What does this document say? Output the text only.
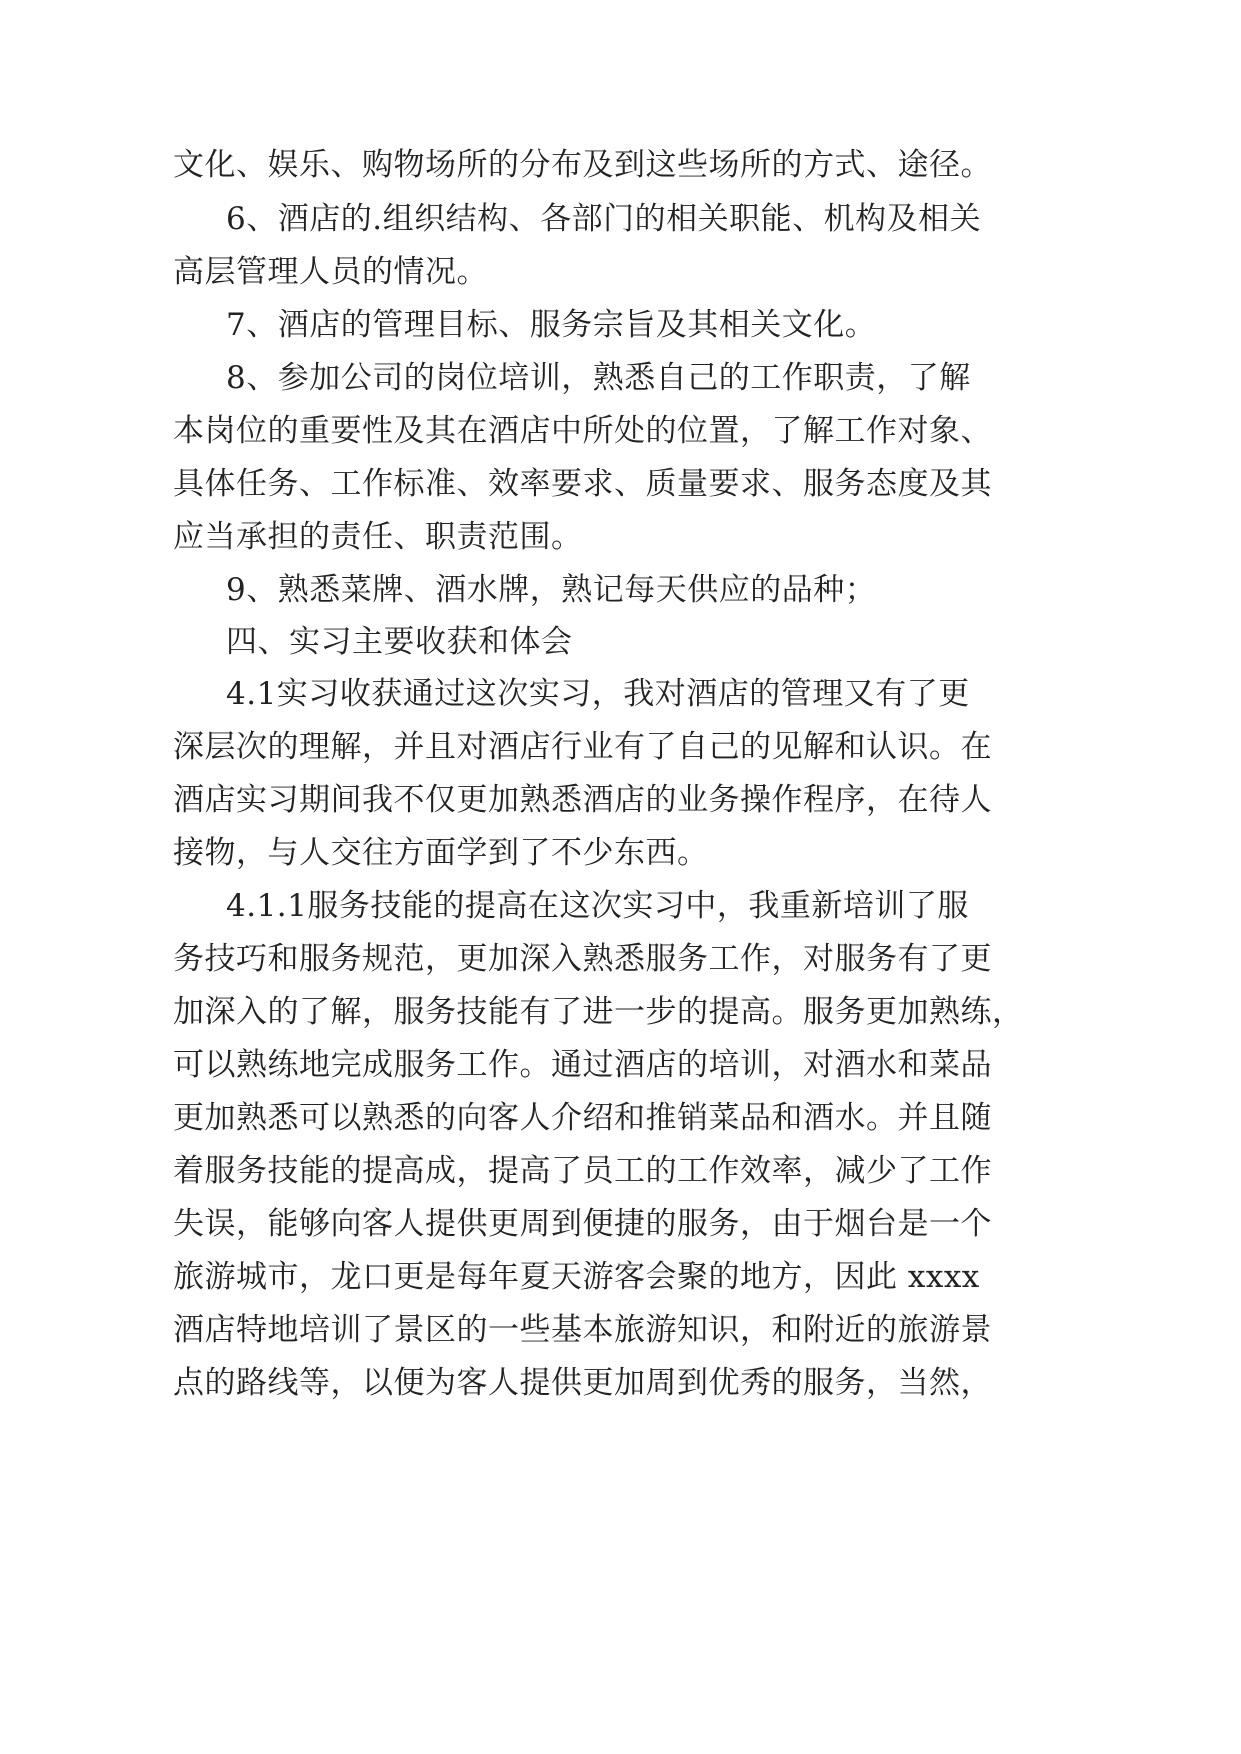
文化、娱乐、购物场所的分布及到这些场所的方式、途径。
6、酒店的.组织结构、各部门的相关职能、机构及相关
高层管理人员的情况。
7、酒店的管理目标、服务宗旨及其相关文化。
8、参加公司的岗位培训，熟悉自己的工作职责，了解
本岗位的重要性及其在酒店中所处的位置，了解工作对象、
具体任务、工作标准、效率要求、质量要求、服务态度及其
应当承担的责任、职责范围。
9、熟悉菜牌、酒水牌，熟记每天供应的品种；
四、实习主要收获和体会
4.1实习收获通过这次实习，我对酒店的管理又有了更
深层次的理解，并且对酒店行业有了自己的见解和认识。在
酒店实习期间我不仅更加熟悉酒店的业务操作程序，在待人
接物，与人交往方面学到了不少东西。
4.1.1服务技能的提高在这次实习中，我重新培训了服
务技巧和服务规范，更加深入熟悉服务工作，对服务有了更
加深入的了解，服务技能有了进一步的提高。服务更加熟练，
可以熟练地完成服务工作。通过酒店的培训，对酒水和菜品
更加熟悉可以熟悉的向客人介绍和推销菜品和酒水。并且随
着服务技能的提高成，提高了员工的工作效率，减少了工作
失误，能够向客人提供更周到便捷的服务，由于烟台是一个
旅游城市，龙口更是每年夏天游客会聚的地方，因此 xxxx
酒店特地培训了景区的一些基本旅游知识，和附近的旅游景
点的路线等，以便为客人提供更加周到优秀的服务，当然，
